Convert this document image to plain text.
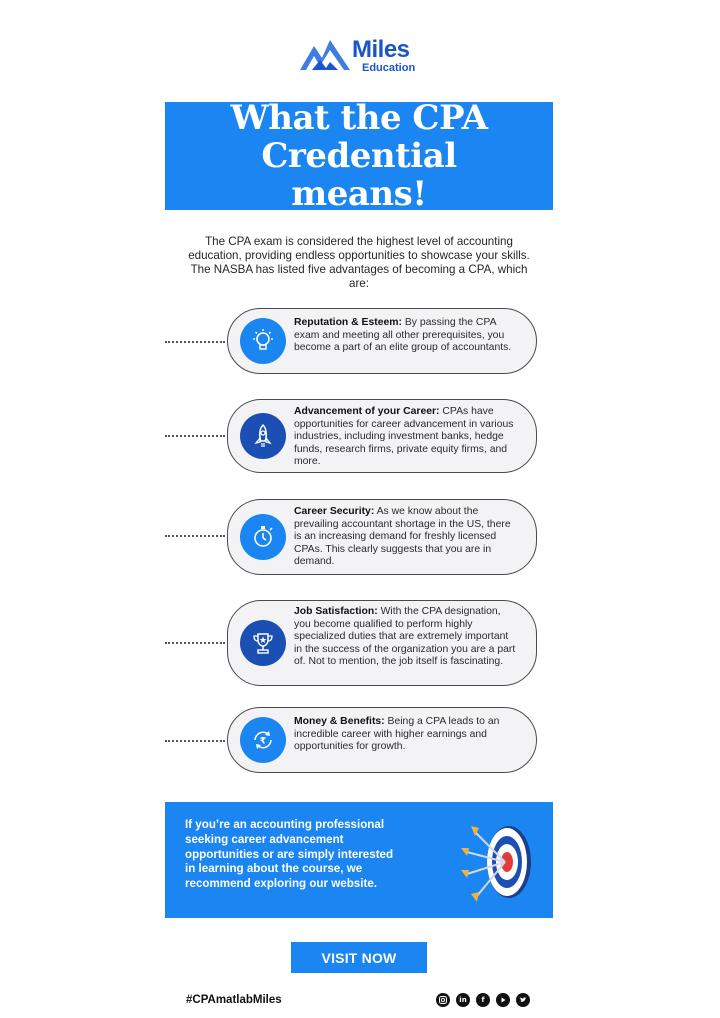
Miles
Education
What the CPA Credential means!
The CPA exam is considered the highest level of accounting education, providing endless opportunities to showcase your skills. The NASBA has listed five advantages of becoming a CPA, which are:
Reputation & Esteem: By passing the CPA exam and meeting all other prerequisites, you become a part of an elite group of accountants.
Advancement of your Career: CPAs have opportunities for career advancement in various industries, including investment banks, hedge funds, research firms, private equity firms, and more.
Career Security: As we know about the prevailing accountant shortage in the US, there is an increasing demand for freshly licensed CPAs. This clearly suggests that you are in demand.
Job Satisfaction: With the CPA designation, you become qualified to perform highly specialized duties that are extremely important in the success of the organization you are a part of. Not to mention, the job itself is fascinating.
₹
Money & Benefits: Being a CPA leads to an incredible career with higher earnings and opportunities for growth.
If you’re an accounting professional seeking career advancement opportunities or are simply interested in learning about the course, we recommend exploring our website.
VISIT NOW
#CPAmatlabMiles	in	f
